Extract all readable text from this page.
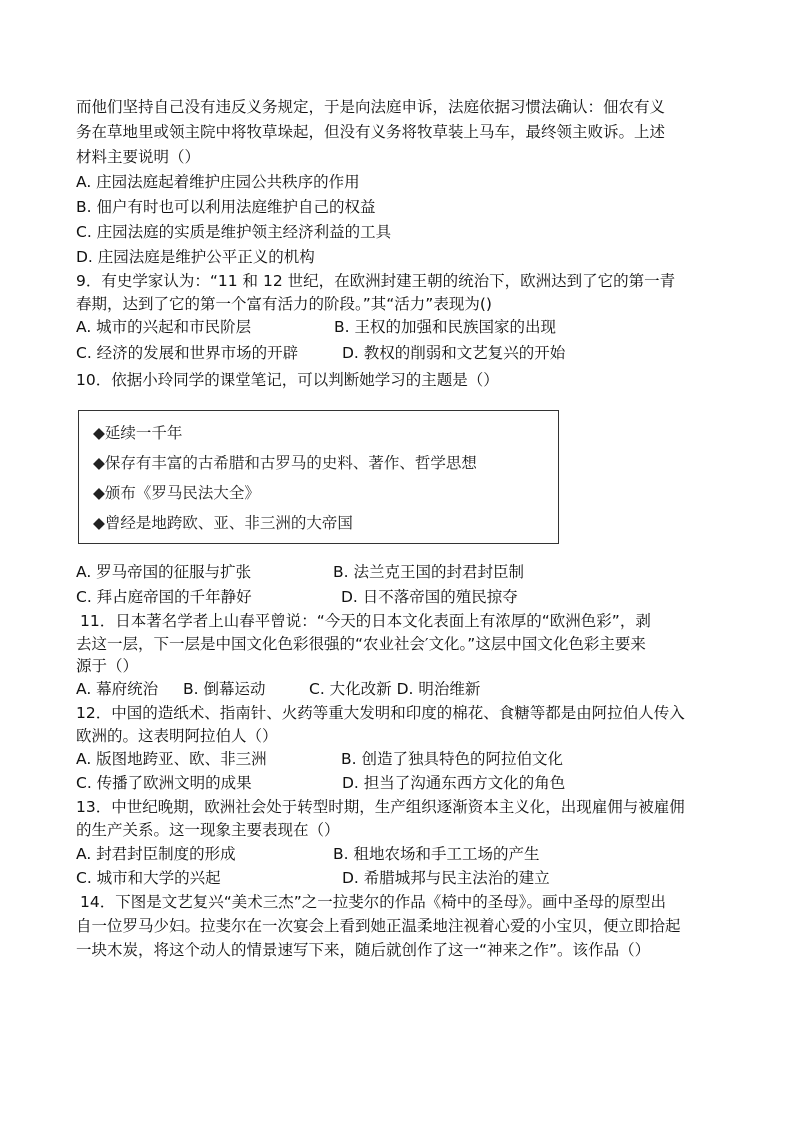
而他们坚持自己没有违反义务规定，于是向法庭申诉，法庭依据习惯法确认：佃农有义
务在草地里或领主院中将牧草垛起，但没有义务将牧草装上马车，最终领主败诉。上述
材料主要说明（）
A. 庄园法庭起着维护庄园公共秩序的作用
B. 佃户有时也可以利用法庭维护自己的权益
C. 庄园法庭的实质是维护领主经济利益的工具
D. 庄园法庭是维护公平正义的机构
9．有史学家认为：“11 和 12 世纪，在欧洲封建王朝的统治下，欧洲达到了它的第一青
春期，达到了它的第一个富有活力的阶段。”其“活力”表现为()
A. 城市的兴起和市民阶层	B. 王权的加强和民族国家的出现
C. 经济的发展和世界市场的开辟	D. 教权的削弱和文艺复兴的开始
10．依据小玲同学的课堂笔记，可以判断她学习的主题是（）
◆延续一千年
◆保存有丰富的古希腊和古罗马的史料、著作、哲学思想
◆颁布《罗马民法大全》
◆曾经是地跨欧、亚、非三洲的大帝国
A. 罗马帝国的征服与扩张	B. 法兰克王国的封君封臣制
C. 拜占庭帝国的千年静好	D. 日不落帝国的殖民掠夺
11．日本著名学者上山春平曾说：“今天的日本文化表面上有浓厚的“欧洲色彩”，剥
去这一层，下一层是中国文化色彩很强的“农业社会′文化。”这层中国文化色彩主要来
源于（）
A. 幕府统治 B. 倒幕运动	C. 大化改新 D. 明治维新
12．中国的造纸术、指南针、火药等重大发明和印度的棉花、食糖等都是由阿拉伯人传入
欧洲的。这表明阿拉伯人（）
A. 版图地跨亚、欧、非三洲	B. 创造了独具特色的阿拉伯文化
C. 传播了欧洲文明的成果	D. 担当了沟通东西方文化的角色
13．中世纪晚期，欧洲社会处于转型时期，生产组织逐渐资本主义化，出现雇佣与被雇佣
的生产关系。这一现象主要表现在（）
A. 封君封臣制度的形成	B. 租地农场和手工工场的产生
C. 城市和大学的兴起	D. 希腊城邦与民主法治的建立
14．下图是文艺复兴“美术三杰”之一拉斐尔的作品《椅中的圣母》。画中圣母的原型出
自一位罗马少妇。拉斐尔在一次宴会上看到她正温柔地注视着心爱的小宝贝，便立即拾起
一块木炭，将这个动人的情景速写下来，随后就创作了这一“神来之作”。该作品（）
